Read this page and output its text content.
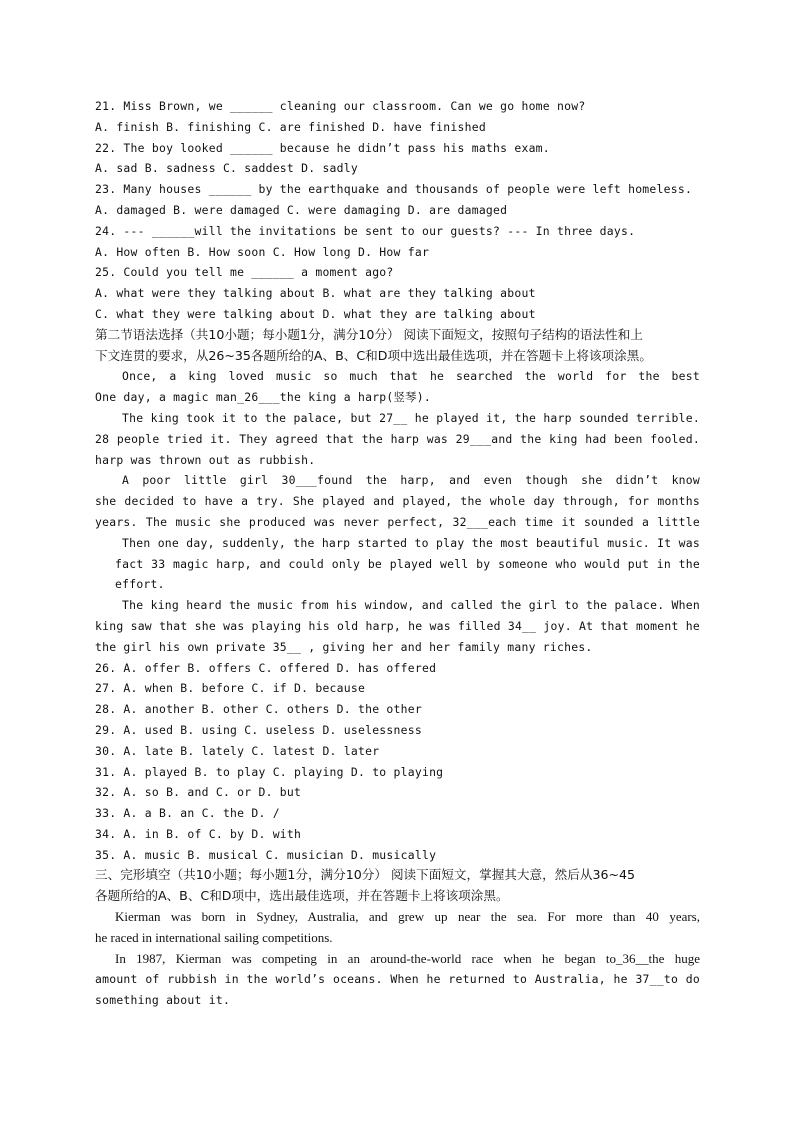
21. Miss Brown, we ______ cleaning our classroom. Can we go home now?
A. finish B. finishing C. are finished D. have finished
22. The boy looked ______ because he didn’t pass his maths exam.
A. sad B. sadness C. saddest D. sadly
23. Many houses ______ by the earthquake and thousands of people were left homeless.
A. damaged B. were damaged C. were damaging D. are damaged
24. --- ______will the invitations be sent to our guests? --- In three days.
A. How often B. How soon C. How long D. How far
25. Could you tell me ______ a moment ago?
A. what were they talking about B. what are they talking about
C. what they were talking about D. what they are talking about
第二节语法选择（共10小题；每小题1分，满分10分） 阅读下面短文，按照句子结构的语法性和上
下文连贯的要求，从26~35各题所给的A、B、C和D项中选出最佳选项，并在答题卡上将该项涂黑。
Once, a king loved music so much that he searched the world for the best
One day, a magic man_26___the king a harp(竖琴).
The king took it to the palace, but 27__ he played it, the harp sounded terrible.
28 people tried it. They agreed that the harp was 29___and the king had been fooled.
harp was thrown out as rubbish.
A poor little girl 30___found the harp, and even though she didn’t know
she decided to have a try. She played and played, the whole day through, for months
years. The music she produced was never perfect, 32___each time it sounded a little
Then one day, suddenly, the harp started to play the most beautiful music. It was
fact 33 magic harp, and could only be played well by someone who would put in the
effort.
The king heard the music from his window, and called the girl to the palace. When
king saw that she was playing his old harp, he was filled 34__ joy. At that moment he
the girl his own private 35__ , giving her and her family many riches.
26. A. offer B. offers C. offered D. has offered
27. A. when B. before C. if D. because
28. A. another B. other C. others D. the other
29. A. used B. using C. useless D. uselessness
30. A. late B. lately C. latest D. later
31. A. played B. to play C. playing D. to playing
32. A. so B. and C. or D. but
33. A. a B. an C. the D. /
34. A. in B. of C. by D. with
35. A. music B. musical C. musician D. musically
三、完形填空（共10小题；每小题1分，满分10分） 阅读下面短文，掌握其大意，然后从36~45
各题所给的A、B、C和D项中，选出最佳选项，并在答题卡上将该项涂黑。
Kierman was born in Sydney, Australia, and grew up near the sea. For more than 40 years,
he raced in international sailing competitions.
In 1987, Kierman was competing in an around-the-world race when he began to_36__the huge
amount of rubbish in the world’s oceans. When he returned to Australia, he 37__to do
something about it.
